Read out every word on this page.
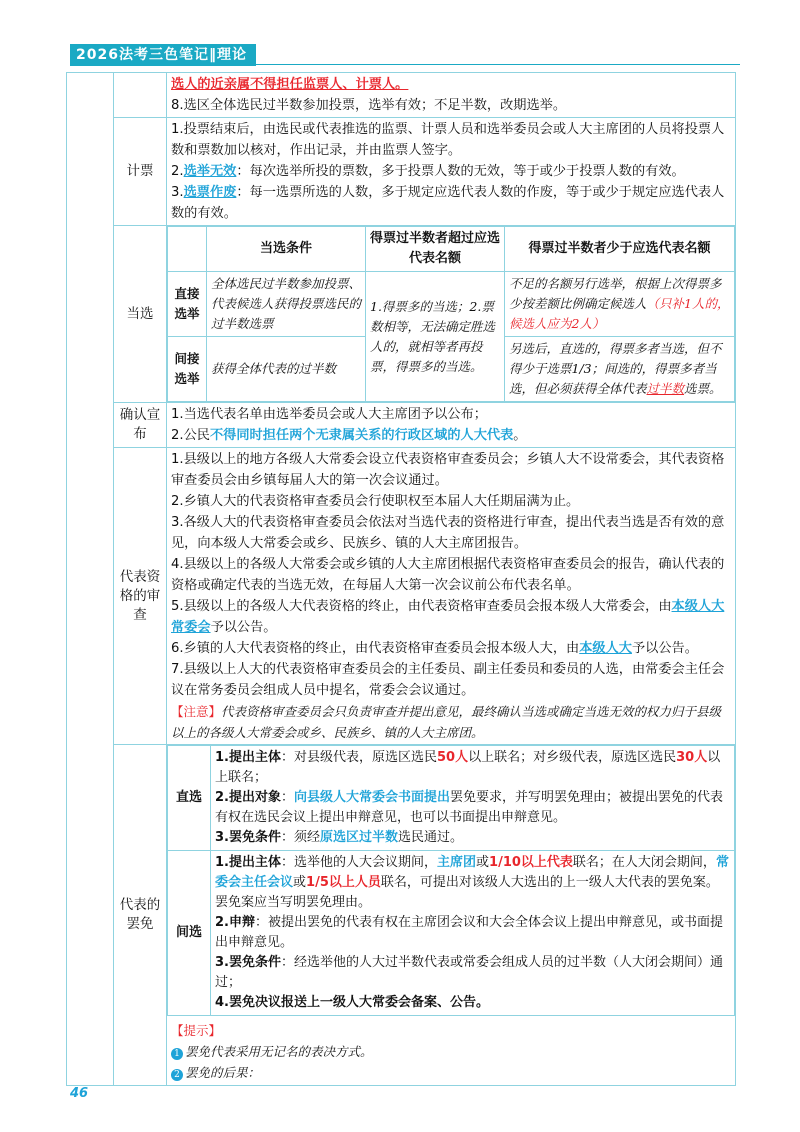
2026法考三色笔记‖理论

选人的近亲属不得担任监票人、计票人。
8.选区全体选民过半数参加投票，选举有效；不足半数，改期选举。

计票	
1.投票结束后，由选民或代表推选的监票、计票人员和选举委员会或人大主席团的人员将投票人数和票数加以核对，作出记录，并由监票人签字。
2.选举无效：每次选举所投的票数，多于投票人数的无效，等于或少于投票人数的有效。
3.选票作废：每一选票所选的人数，多于规定应选代表人数的作废，等于或少于规定应选代表人数的有效。

当选	
	当选条件	得票过半数者超过应选代表名额	得票过半数者少于应选代表名额
直接选举	全体选民过半数参加投票、代表候选人获得投票选民的过半数选票	1.得票多的当选；2.票数相等，无法确定胜选人的，就相等者再投票，得票多的当选。	不足的名额另行选举，根据上次得票多少按差额比例确定候选人（只补1人的，候选人应为2人）
间接选举	获得全体代表的过半数	另选后，直选的，得票多者当选，但不得少于选票1/3；间选的，得票多者当选，但必须获得全体代表过半数选票。

确认宣布	
1.当选代表名单由选举委员会或人大主席团予以公布；
2.公民不得同时担任两个无隶属关系的行政区域的人大代表。

代表资格的审查	
1.县级以上的地方各级人大常委会设立代表资格审查委员会；乡镇人大不设常委会，其代表资格审查委员会由乡镇每届人大的第一次会议通过。
2.乡镇人大的代表资格审查委员会行使职权至本届人大任期届满为止。
3.各级人大的代表资格审查委员会依法对当选代表的资格进行审查，提出代表当选是否有效的意见，向本级人大常委会或乡、民族乡、镇的人大主席团报告。
4.县级以上的各级人大常委会或乡镇的人大主席团根据代表资格审查委员会的报告，确认代表的资格或确定代表的当选无效，在每届人大第一次会议前公布代表名单。
5.县级以上的各级人大代表资格的终止，由代表资格审查委员会报本级人大常委会，由本级人大常委会予以公告。
6.乡镇的人大代表资格的终止，由代表资格审查委员会报本级人大，由本级人大予以公告。
7.县级以上人大的代表资格审查委员会的主任委员、副主任委员和委员的人选，由常委会主任会议在常务委员会组成人员中提名，常委会会议通过。
【注意】代表资格审查委员会只负责审查并提出意见，最终确认当选或确定当选无效的权力归于县级以上的各级人大常委会或乡、民族乡、镇的人大主席团。

代表的罢免	
直选	
1.提出主体：对县级代表，原选区选民50人以上联名；对乡级代表，原选区选民30人以上联名；
2.提出对象：向县级人大常委会书面提出罢免要求，并写明罢免理由；被提出罢免的代表有权在选民会议上提出申辩意见，也可以书面提出申辩意见。
3.罢免条件：须经原选区过半数选民通过。

间选	
1.提出主体：选举他的人大会议期间，主席团或1/10以上代表联名；在人大闭会期间，常委会主任会议或1/5以上人员联名，可提出对该级人大选出的上一级人大代表的罢免案。罢免案应当写明罢免理由。
2.申辩：被提出罢免的代表有权在主席团会议和大会全体会议上提出申辩意见，或书面提出申辩意见。
3.罢免条件：经选举他的人大过半数代表或常委会组成人员的过半数（人大闭会期间）通过；
4.罢免决议报送上一级人大常委会备案、公告。
【提示】
1 罢免代表采用无记名的表决方式。
2 罢免的后果：
46
